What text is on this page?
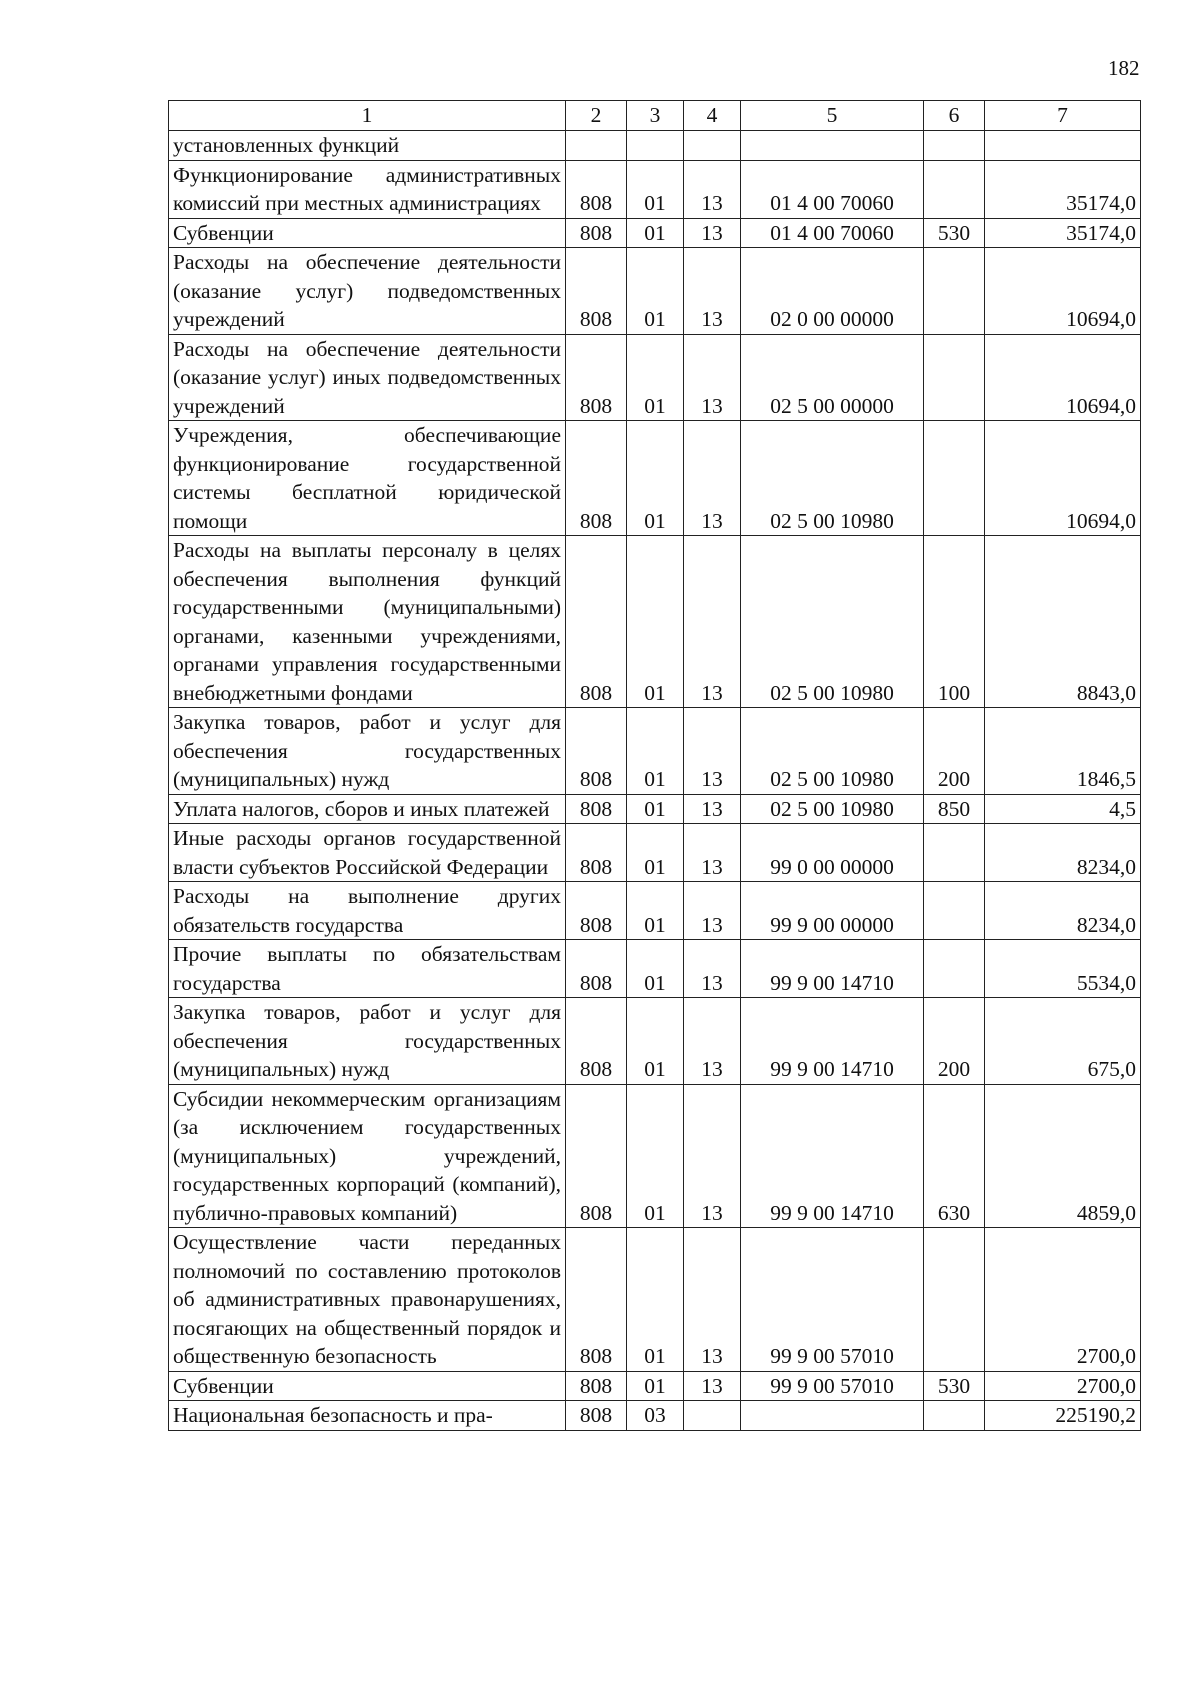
182
1	2	3	4	5	6	7
установленных функций						
Функционирование административных комиссий при местных администрациях	808	01	13	01 4 00 70060		35174,0
Субвенции	808	01	13	01 4 00 70060	530	35174,0
Расходы на обеспечение деятельности (оказание услуг) подведомственных учреждений	808	01	13	02 0 00 00000		10694,0
Расходы на обеспечение деятельности (оказание услуг) иных подведомственных учреждений	808	01	13	02 5 00 00000		10694,0
Учреждения, обеспечивающие функционирование государственной системы бесплатной юридической помощи	808	01	13	02 5 00 10980		10694,0
Расходы на выплаты персоналу в целях обеспечения выполнения функций государственными (муниципальными) органами, казенными учреждениями, органами управления государственными внебюджетными фондами	808	01	13	02 5 00 10980	100	8843,0
Закупка товаров, работ и услуг для обеспечения государственных (муниципальных) нужд	808	01	13	02 5 00 10980	200	1846,5
Уплата налогов, сборов и иных платежей	808	01	13	02 5 00 10980	850	4,5
Иные расходы органов государственной власти субъектов Российской Федерации	808	01	13	99 0 00 00000		8234,0
Расходы на выполнение других обязательств государства	808	01	13	99 9 00 00000		8234,0
Прочие выплаты по обязательствам государства	808	01	13	99 9 00 14710		5534,0
Закупка товаров, работ и услуг для обеспечения государственных (муниципальных) нужд	808	01	13	99 9 00 14710	200	675,0
Субсидии некоммерческим организациям (за исключением государственных (муниципальных) учреждений, государственных корпораций (компаний), публично-правовых компаний)	808	01	13	99 9 00 14710	630	4859,0
Осуществление части переданных полномочий по составлению протоколов об административных правонарушениях, посягающих на общественный порядок и общественную безопасность	808	01	13	99 9 00 57010		2700,0
Субвенции	808	01	13	99 9 00 57010	530	2700,0
Национальная безопасность и пра-	808	03				225190,2
